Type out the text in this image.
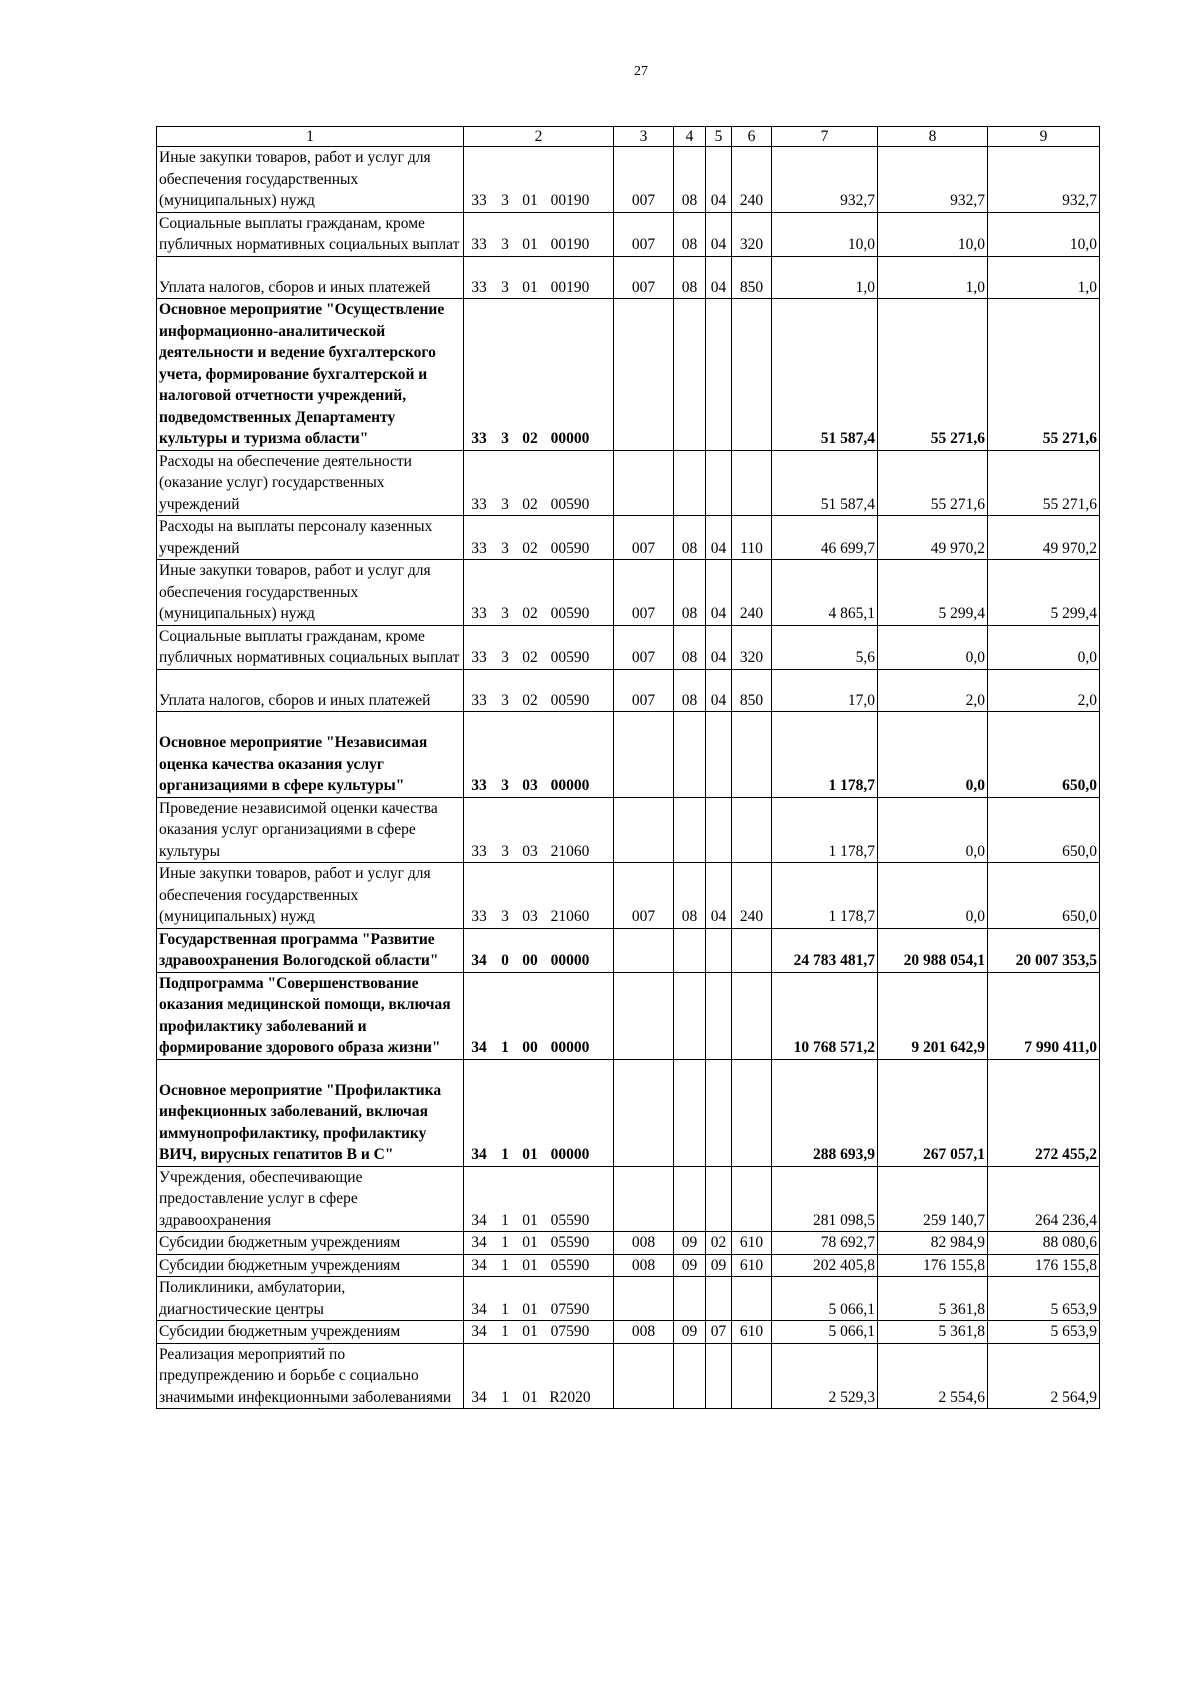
27
1	2	3	4	5	6	7	8	9
Иные закупки товаров, работ и услуг для обеспечения государственных (муниципальных) нужд	33 3 01 00190	007	08	04	240	932,7	932,7	932,7
Социальные выплаты гражданам, кроме публичных нормативных социальных выплат	33 3 01 00190	007	08	04	320	10,0	10,0	10,0
Уплата налогов, сборов и иных платежей	33 3 01 00190	007	08	04	850	1,0	1,0	1,0
Основное мероприятие "Осуществление информационно-аналитической деятельности и ведение бухгалтерского учета, формирование бухгалтерской и налоговой отчетности учреждений, подведомственных Департаменту культуры и туризма области"	33 3 02 00000					51 587,4	55 271,6	55 271,6
Расходы на обеспечение деятельности (оказание услуг) государственных учреждений	33 3 02 00590					51 587,4	55 271,6	55 271,6
Расходы на выплаты персоналу казенных учреждений	33 3 02 00590	007	08	04	110	46 699,7	49 970,2	49 970,2
Иные закупки товаров, работ и услуг для обеспечения государственных (муниципальных) нужд	33 3 02 00590	007	08	04	240	4 865,1	5 299,4	5 299,4
Социальные выплаты гражданам, кроме публичных нормативных социальных выплат	33 3 02 00590	007	08	04	320	5,6	0,0	0,0
Уплата налогов, сборов и иных платежей	33 3 02 00590	007	08	04	850	17,0	2,0	2,0
Основное мероприятие "Независимая оценка качества оказания услуг организациями в сфере культуры"	33 3 03 00000					1 178,7	0,0	650,0
Проведение независимой оценки качества оказания услуг организациями в сфере культуры	33 3 03 21060					1 178,7	0,0	650,0
Иные закупки товаров, работ и услуг для обеспечения государственных (муниципальных) нужд	33 3 03 21060	007	08	04	240	1 178,7	0,0	650,0
Государственная программа "Развитие здравоохранения Вологодской области"	34 0 00 00000					24 783 481,7	20 988 054,1	20 007 353,5
Подпрограмма "Совершенствование оказания медицинской помощи, включая профилактику заболеваний и формирование здорового образа жизни"	34 1 00 00000					10 768 571,2	9 201 642,9	7 990 411,0
Основное мероприятие "Профилактика инфекционных заболеваний, включая иммунопрофилактику, профилактику ВИЧ, вирусных гепатитов В и С"	34 1 01 00000					288 693,9	267 057,1	272 455,2
Учреждения, обеспечивающие предоставление услуг в сфере здравоохранения	34 1 01 05590					281 098,5	259 140,7	264 236,4
Субсидии бюджетным учреждениям	34 1 01 05590	008	09	02	610	78 692,7	82 984,9	88 080,6
Субсидии бюджетным учреждениям	34 1 01 05590	008	09	09	610	202 405,8	176 155,8	176 155,8
Поликлиники, амбулатории, диагностические центры	34 1 01 07590					5 066,1	5 361,8	5 653,9
Субсидии бюджетным учреждениям	34 1 01 07590	008	09	07	610	5 066,1	5 361,8	5 653,9
Реализация мероприятий по предупреждению и борьбе с социально значимыми инфекционными заболеваниями	34 1 01 R2020					2 529,3	2 554,6	2 564,9
